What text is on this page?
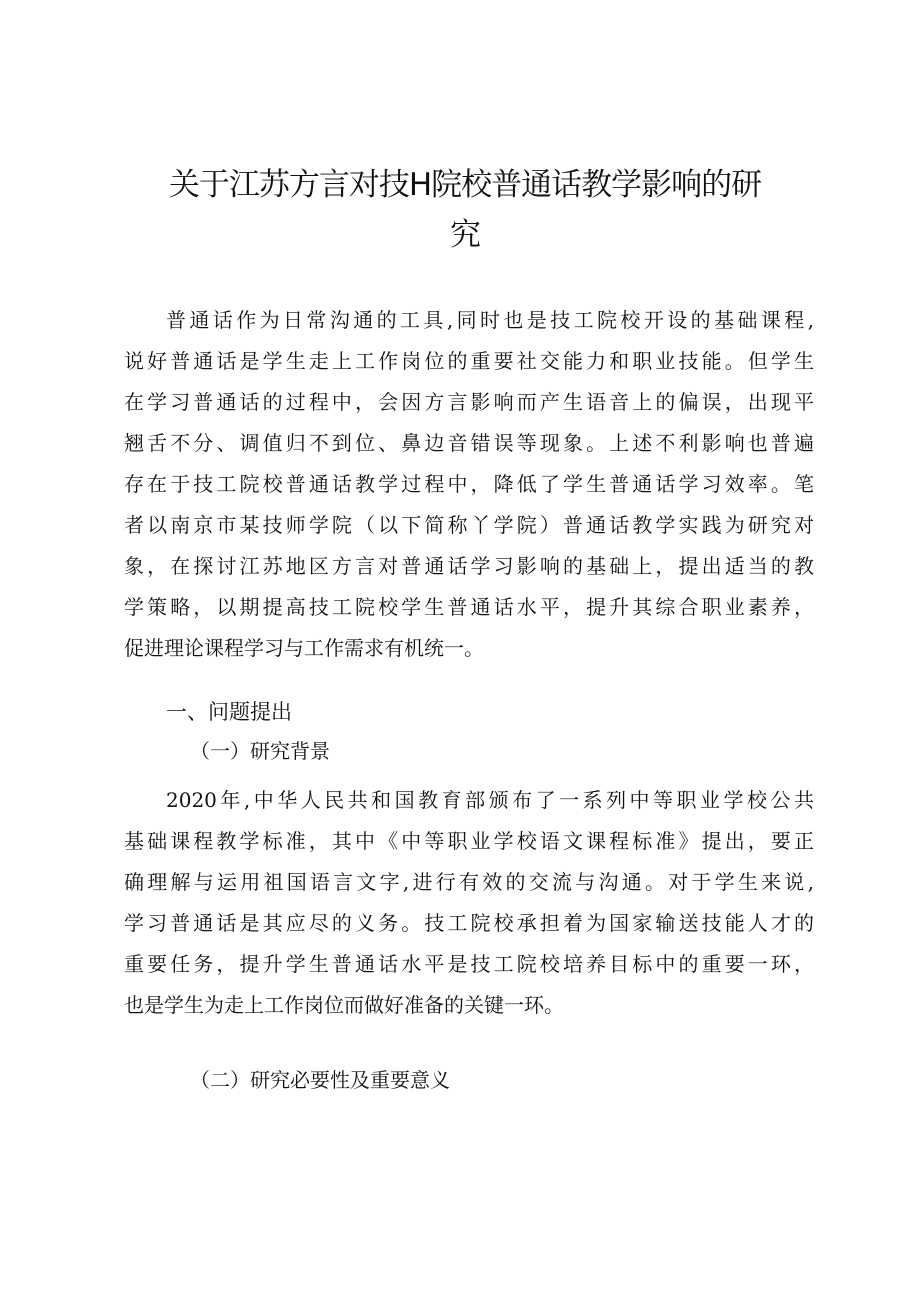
关于江苏方言对技H院校普通话教学影响的研
究
普通话作为日常沟通的工具,同时也是技工院校开设的基础课程,
说好普通话是学生走上工作岗位的重要社交能力和职业技能。但学生
在学习普通话的过程中，会因方言影响而产生语音上的偏误，出现平
翘舌不分、调值归不到位、鼻边音错误等现象。上述不利影响也普遍
存在于技工院校普通话教学过程中，降低了学生普通话学习效率。笔
者以南京市某技师学院（以下简称丫学院）普通话教学实践为研究对
象，在探讨江苏地区方言对普通话学习影响的基础上，提出适当的教
学策略，以期提高技工院校学生普通话水平，提升其综合职业素养，
促进理论课程学习与工作需求有机统一。
一、问题提出
（一）研究背景
2020年,中华人民共和国教育部颁布了一系列中等职业学校公共
基础课程教学标准，其中《中等职业学校语文课程标准》提出，要正
确理解与运用祖国语言文字,进行有效的交流与沟通。对于学生来说,
学习普通话是其应尽的义务。技工院校承担着为国家输送技能人才的
重要任务，提升学生普通话水平是技工院校培养目标中的重要一环，
也是学生为走上工作岗位而做好准备的关键一环。
（二）研究必要性及重要意义
